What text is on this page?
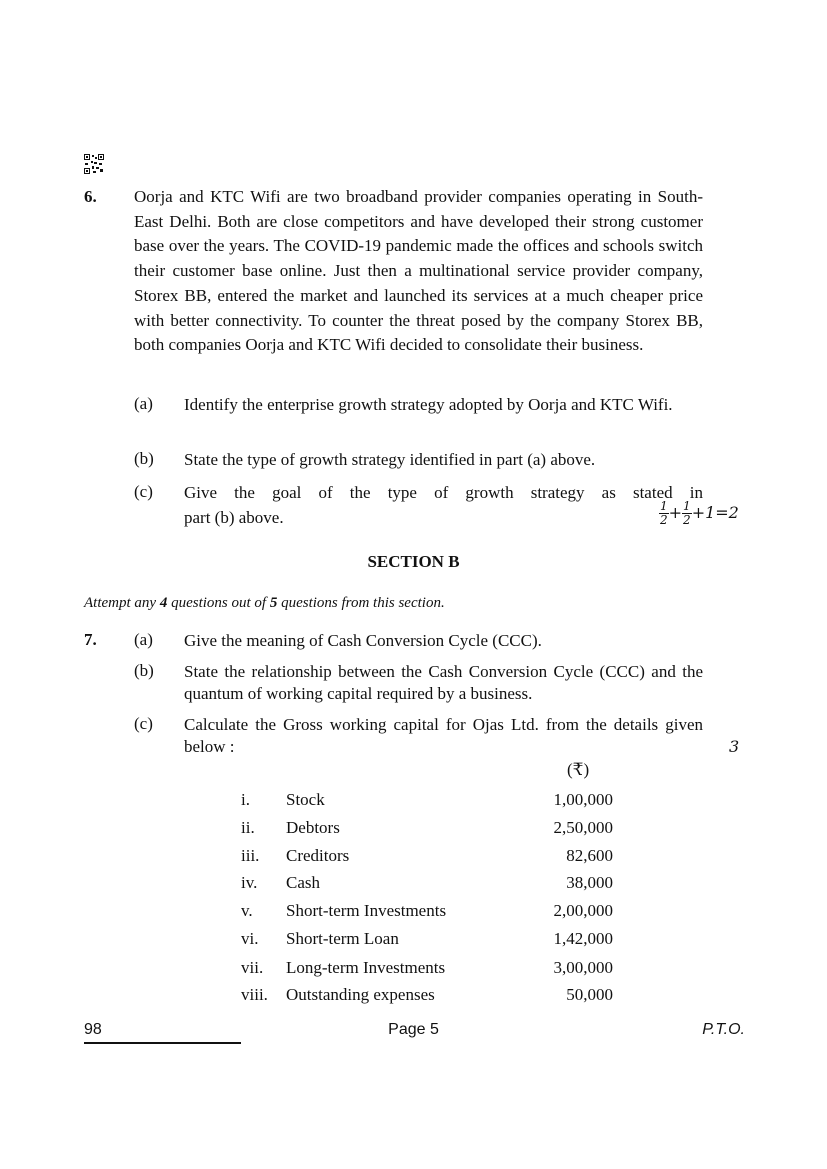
6. Oorja and KTC Wifi are two broadband provider companies operating in South-East Delhi. Both are close competitors and have developed their strong customer base over the years. The COVID-19 pandemic made the offices and schools switch their customer base online. Just then a multinational service provider company, Storex BB, entered the market and launched its services at a much cheaper price with better connectivity. To counter the threat posed by the company Storex BB, both companies Oorja and KTC Wifi decided to consolidate their business.
(a) Identify the enterprise growth strategy adopted by Oorja and KTC Wifi.
(b) State the type of growth strategy identified in part (a) above.
(c) Give the goal of the type of growth strategy as stated in
part (b) above.	$\frac{1}{2} + \frac{1}{2} +1=2$
SECTION B
Attempt any 4 questions out of 5 questions from this section.
7. (a) Give the meaning of Cash Conversion Cycle (CCC).
(b) State the relationship between the Cash Conversion Cycle (CCC) and the quantum of working capital required by a business.
(c) Calculate the Gross working capital for Ojas Ltd. from the details given below :	3
(₹)
i. Stock	1,00,000
ii. Debtors	2,50,000
iii. Creditors	82,600
iv. Cash	38,000
v. Short-term Investments	2,00,000
vi. Short-term Loan	1,42,000
vii. Long-term Investments	3,00,000
viii. Outstanding expenses	50,000
98	Page 5	P.T.O.
